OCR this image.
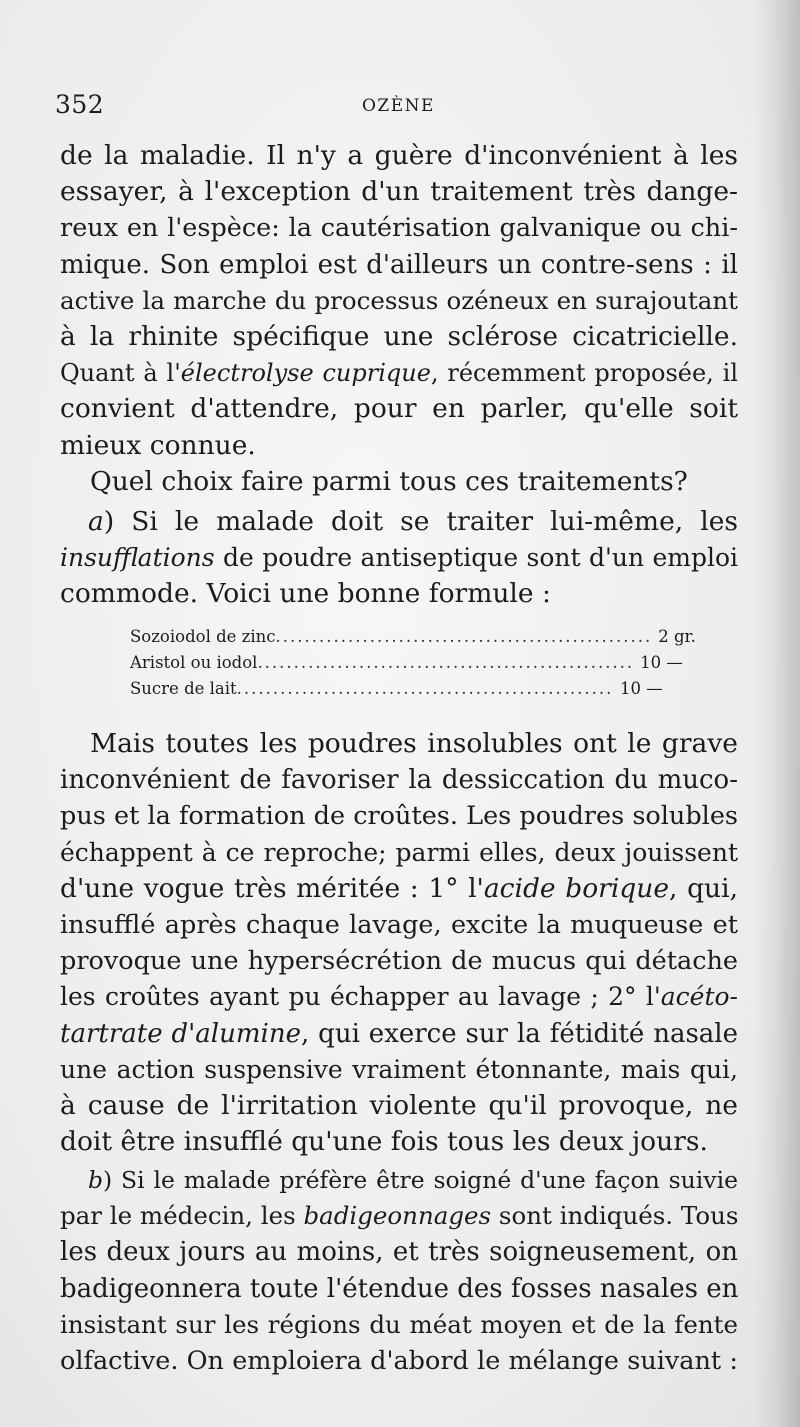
352	OZÈNE
de la maladie. Il n'y a guère d'inconvénient à les
essayer, à l'exception d'un traitement très dange-
reux en l'espèce: la cautérisation galvanique ou chi-
mique. Son emploi est d'ailleurs un contre-sens : il
active la marche du processus ozéneux en surajoutant
à la rhinite spécifique une sclérose cicatricielle.
Quant à l'électrolyse cuprique, récemment proposée, il
convient d'attendre, pour en parler, qu'elle soit
mieux connue.
Quel choix faire parmi tous ces traitements?
a) Si le malade doit se traiter lui-même, les
insufflations de poudre antiseptique sont d'un emploi
commode. Voici une bonne formule :
Sozoiodol de zinc .................................................... 2 gr.
Aristol ou iodol .................................................... 10 —
Sucre de lait .................................................... 10 —
Mais toutes les poudres insolubles ont le grave
inconvénient de favoriser la dessiccation du muco-
pus et la formation de croûtes. Les poudres solubles
échappent à ce reproche; parmi elles, deux jouissent
d'une vogue très méritée : 1° l'acide borique, qui,
insufflé après chaque lavage, excite la muqueuse et
provoque une hypersécrétion de mucus qui détache
les croûtes ayant pu échapper au lavage ; 2° l'acéto-
tartrate d'alumine, qui exerce sur la fétidité nasale
une action suspensive vraiment étonnante, mais qui,
à cause de l'irritation violente qu'il provoque, ne
doit être insufflé qu'une fois tous les deux jours.
b) Si le malade préfère être soigné d'une façon suivie
par le médecin, les badigeonnages sont indiqués. Tous
les deux jours au moins, et très soigneusement, on
badigeonnera toute l'étendue des fosses nasales en
insistant sur les régions du méat moyen et de la fente
olfactive. On emploiera d'abord le mélange suivant :
